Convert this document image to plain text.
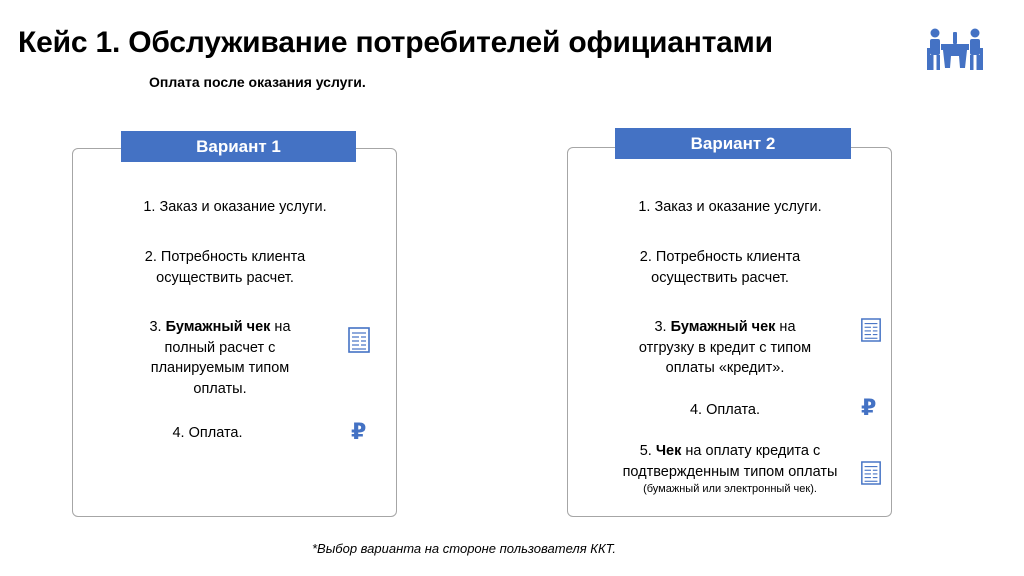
Кейс 1. Обслуживание потребителей официантами
Оплата после оказания услуги.
Вариант 1
1. Заказ и оказание услуги.
2. Потребность клиента
осуществить расчет.
3. Бумажный чек на
полный расчет с
планируемым типом
оплаты.
4. Оплата.	₽
Вариант 2
1. Заказ и оказание услуги.
2. Потребность клиента
осуществить расчет.
3. Бумажный чек на
отгрузку в кредит с типом
оплаты «кредит».
4. Оплата.	₽
5. Чек на оплату кредита с
подтвержденным типом оплаты
(бумажный или электронный чек).
*Выбор варианта на стороне пользователя ККТ.
